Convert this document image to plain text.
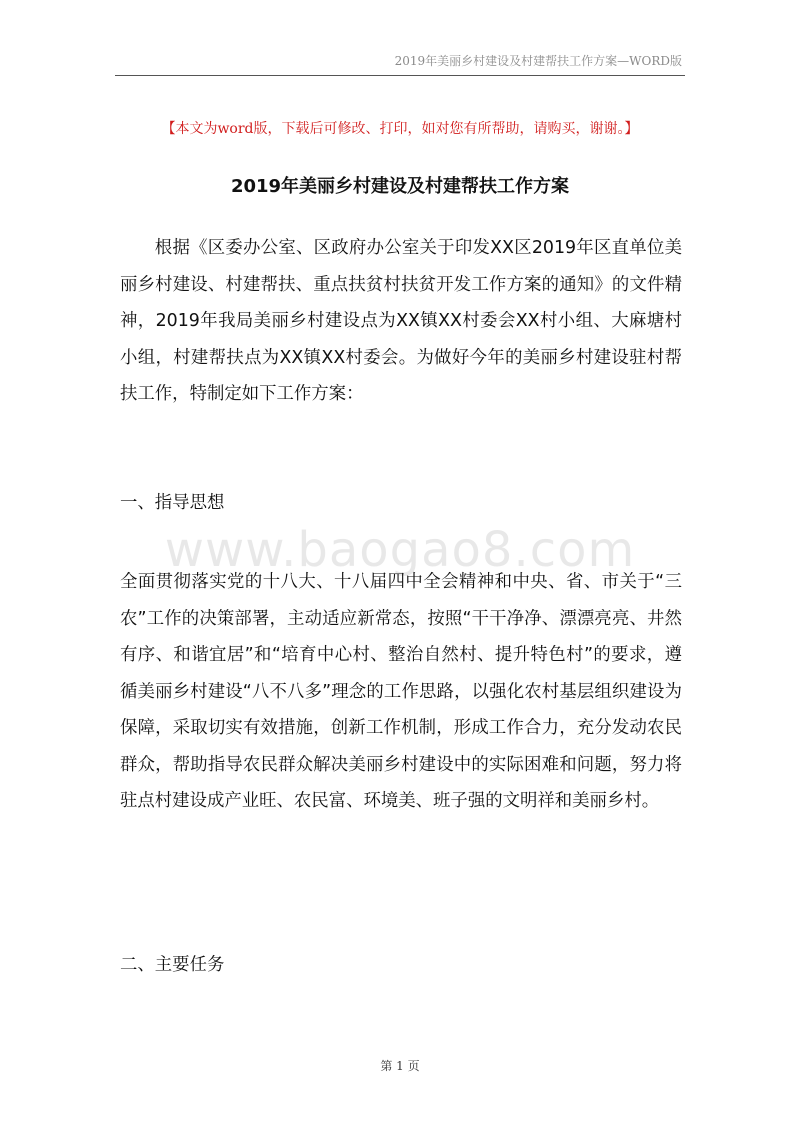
2019年美丽乡村建设及村建帮扶工作方案—WORD版
【本文为word版，下载后可修改、打印，如对您有所帮助，请购买，谢谢。】
2019年美丽乡村建设及村建帮扶工作方案

根据《区委办公室、区政府办公室关于印发XX区2019年区直单位美丽乡村建设、村建帮扶、重点扶贫村扶贫开发工作方案的通知》的文件精神，2019年我局美丽乡村建设点为XX镇XX村委会XX村小组、大麻塘村小组，村建帮扶点为XX镇XX村委会。为做好今年的美丽乡村建设驻村帮扶工作，特制定如下工作方案：

一、指导思想
www.baogao8.com

全面贯彻落实党的十八大、十八届四中全会精神和中央、省、市关于“三农”工作的决策部署，主动适应新常态，按照“干干净净、漂漂亮亮、井然有序、和谐宜居”和“培育中心村、整治自然村、提升特色村”的要求，遵循美丽乡村建设“八不八多”理念的工作思路，以强化农村基层组织建设为保障，采取切实有效措施，创新工作机制，形成工作合力，充分发动农民群众，帮助指导农民群众解决美丽乡村建设中的实际困难和问题，努力将驻点村建设成产业旺、农民富、环境美、班子强的文明祥和美丽乡村。

二、主要任务
第 1 页
